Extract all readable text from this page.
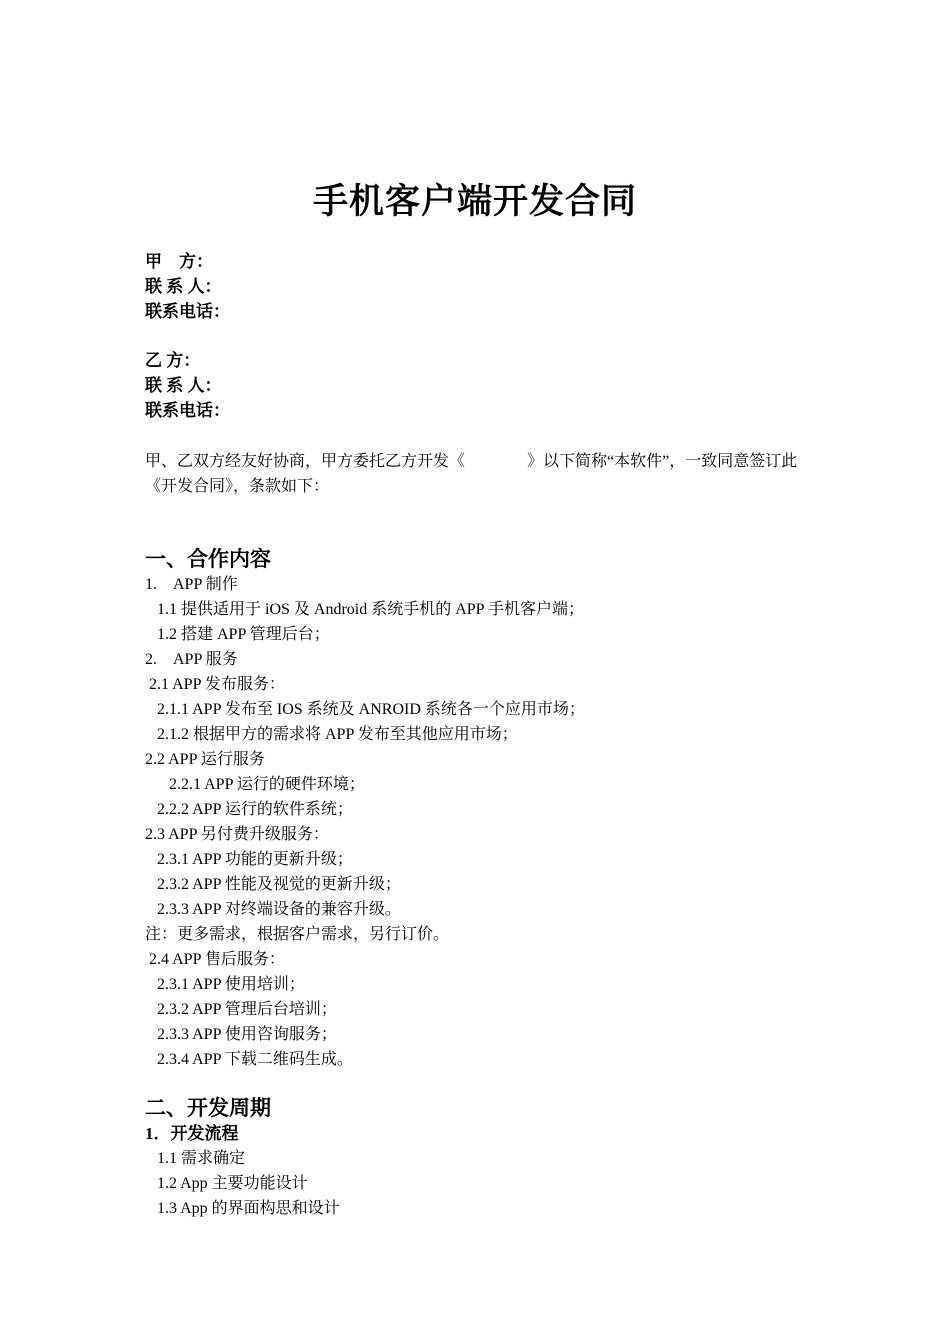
手机客户端开发合同
甲　方：
联 系 人：
联系电话：
乙 方：
联 系 人：
联系电话：
甲、乙双方经友好协商，甲方委托乙方开发《	》以下简称“本软件”，一致同意签订此《开发合同》，条款如下：
一、合作内容
1.　APP 制作
1.1 提供适用于 iOS 及 Android 系统手机的 APP 手机客户端；
1.2 搭建 APP 管理后台；
2.　APP 服务
2.1 APP 发布服务：
2.1.1 APP 发布至 IOS 系统及 ANROID 系统各一个应用市场；
2.1.2 根据甲方的需求将 APP 发布至其他应用市场；
2.2 APP 运行服务
2.2.1 APP 运行的硬件环境；
2.2.2 APP 运行的软件系统；
2.3 APP 另付费升级服务：
2.3.1 APP 功能的更新升级；
2.3.2 APP 性能及视觉的更新升级；
2.3.3 APP 对终端设备的兼容升级。
注：更多需求，根据客户需求，另行订价。
2.4 APP 售后服务：
2.3.1 APP 使用培训；
2.3.2 APP 管理后台培训；
2.3.3 APP 使用咨询服务；
2.3.4 APP 下载二维码生成。
二、开发周期
1．开发流程
1.1 需求确定
1.2 App 主要功能设计
1.3 App 的界面构思和设计
